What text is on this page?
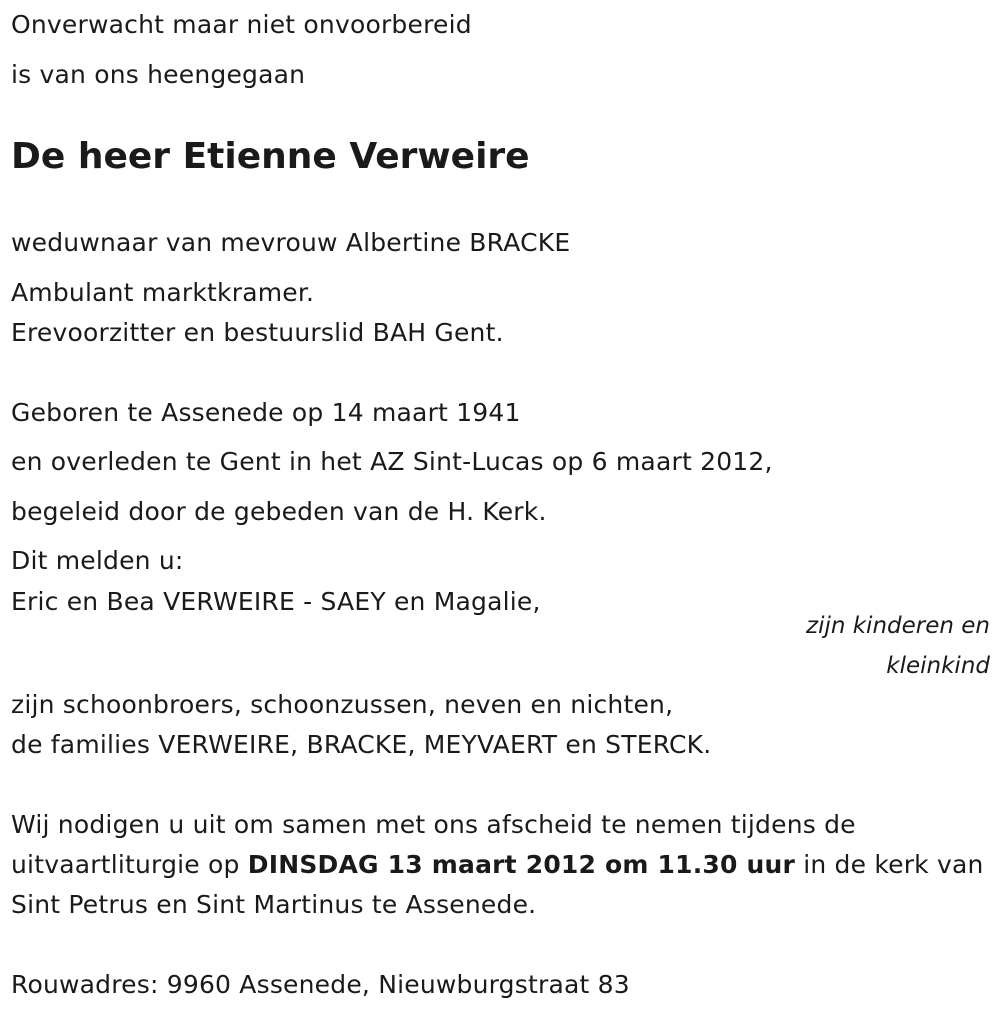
Onverwacht maar niet onvoorbereid
is van ons heengegaan
De heer Etienne Verweire
weduwnaar van mevrouw Albertine BRACKE
Ambulant marktkramer.
Erevoorzitter en bestuurslid BAH Gent.
Geboren te Assenede op 14 maart 1941
en overleden te Gent in het AZ Sint-Lucas op 6 maart 2012,
begeleid door de gebeden van de H. Kerk.
Dit melden u:
Eric en Bea VERWEIRE - SAEY en Magalie,
zijn kinderen en
kleinkind
zijn schoonbroers, schoonzussen, neven en nichten,
de families VERWEIRE, BRACKE, MEYVAERT en STERCK.
Wij nodigen u uit om samen met ons afscheid te nemen tijdens de
uitvaartliturgie op DINSDAG 13 maart 2012 om 11.30 uur in de kerk van
Sint Petrus en Sint Martinus te Assenede.
Rouwadres: 9960 Assenede, Nieuwburgstraat 83
